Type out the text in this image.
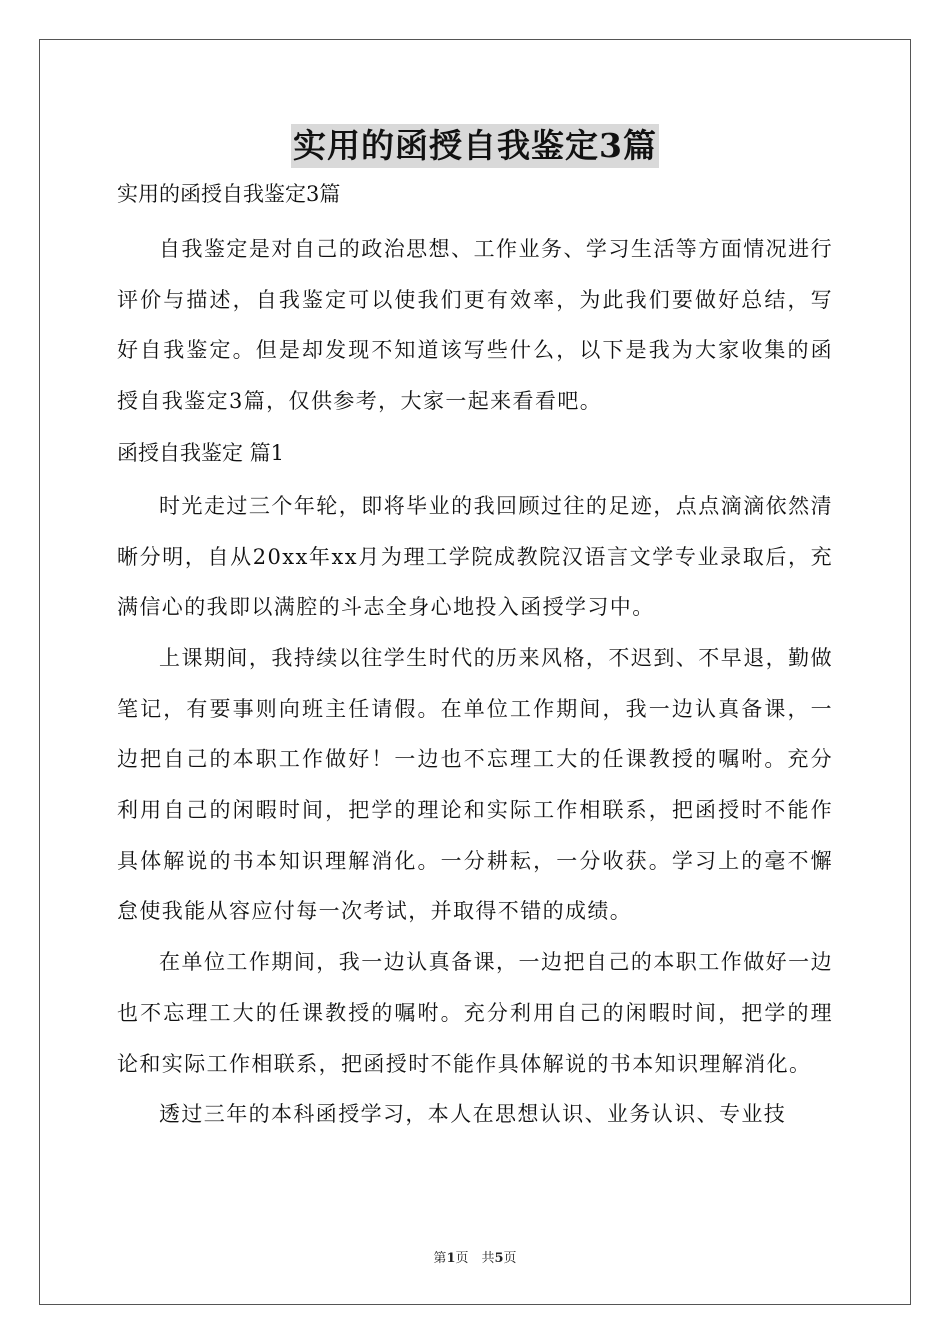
实用的函授自我鉴定3篇

实用的函授自我鉴定3篇

自我鉴定是对自己的政治思想、工作业务、学习生活等方面情况进行评价与描述，自我鉴定可以使我们更有效率，为此我们要做好总结，写好自我鉴定。但是却发现不知道该写些什么，以下是我为大家收集的函授自我鉴定3篇，仅供参考，大家一起来看看吧。

函授自我鉴定 篇1

时光走过三个年轮，即将毕业的我回顾过往的足迹，点点滴滴依然清晰分明，自从20xx年xx月为理工学院成教院汉语言文学专业录取后，充满信心的我即以满腔的斗志全身心地投入函授学习中。

上课期间，我持续以往学生时代的历来风格，不迟到、不早退，勤做笔记，有要事则向班主任请假。在单位工作期间，我一边认真备课，一边把自己的本职工作做好！一边也不忘理工大的任课教授的嘱咐。充分利用自己的闲暇时间，把学的理论和实际工作相联系，把函授时不能作具体解说的书本知识理解消化。一分耕耘，一分收获。学习上的毫不懈怠使我能从容应付每一次考试，并取得不错的成绩。

在单位工作期间，我一边认真备课，一边把自己的本职工作做好一边也不忘理工大的任课教授的嘱咐。充分利用自己的闲暇时间，把学的理论和实际工作相联系，把函授时不能作具体解说的书本知识理解消化。

透过三年的本科函授学习，本人在思想认识、业务认识、专业技

第1页　共5页
